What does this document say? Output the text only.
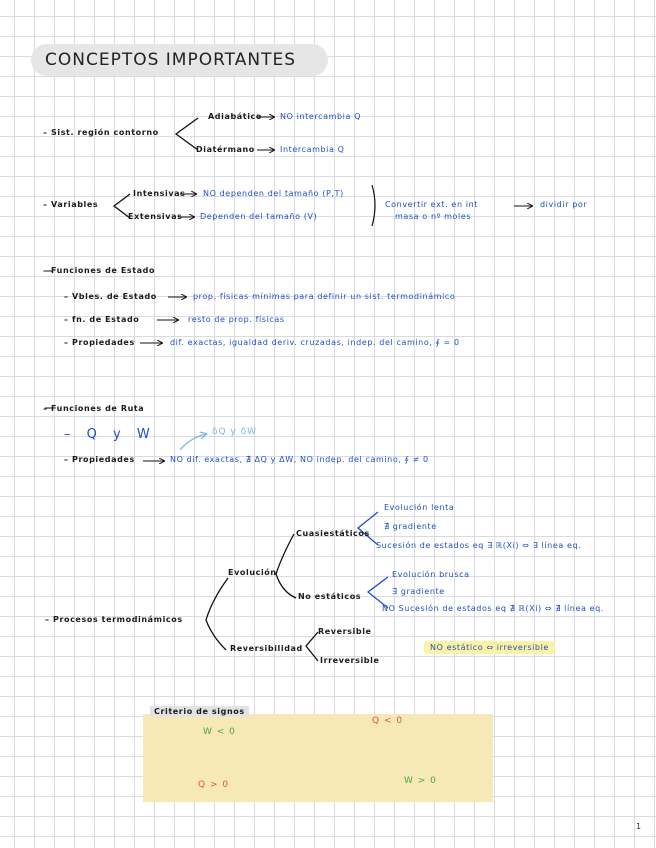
CONCEPTOS IMPORTANTES
– Sist. región contorno
Adiabático NO intercambia Q
Diatérmano	Intercambia Q
– Variables
Intensivas NO dependen del tamaño (P,T)
Extensivas Dependen del tamaño (V)
Convertir ext. en int
masa o nº moles
dividir por
– Funciones de Estado
– Vbles. de Estado	prop. físicas mínimas para definir un sist. termodinámico
– fn. de Estado	resto de prop. físicas
– Propiedades	dif. exactas, igualdad deriv. cruzadas, indep. del camino, ∮ = 0
– Funciones de Ruta
– Q y W	δQ y δW
– Propiedades	NO dif. exactas, ∄ ΔQ y ΔW, NO indep. del camino, ∮ ≠ 0
– Procesos termodinámicos
Evolución
Cuasiestáticos
Evolución lenta
∄ gradiente
Sucesión de estados eq ∃ ℝ(Xi) ⇔ ∃ línea eq.
No estáticos
Evolución brusca
∃ gradiente
NO Sucesión de estados eq ∄ ℝ(Xi) ⇔ ∄ línea eq.
Reversibilidad
Reversible
Irreversible
NO estático ⇔ irreversible
Criterio de signos
W < 0
Q < 0
Q > 0	W > 0
1
